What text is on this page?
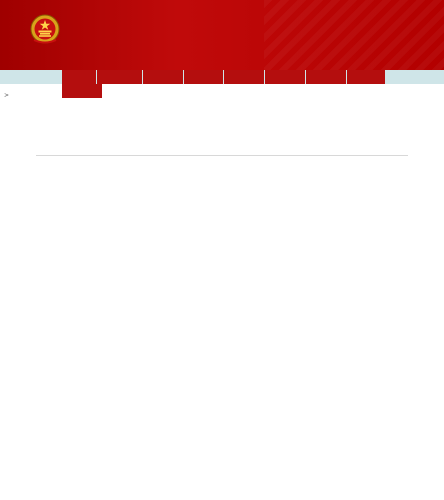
>
